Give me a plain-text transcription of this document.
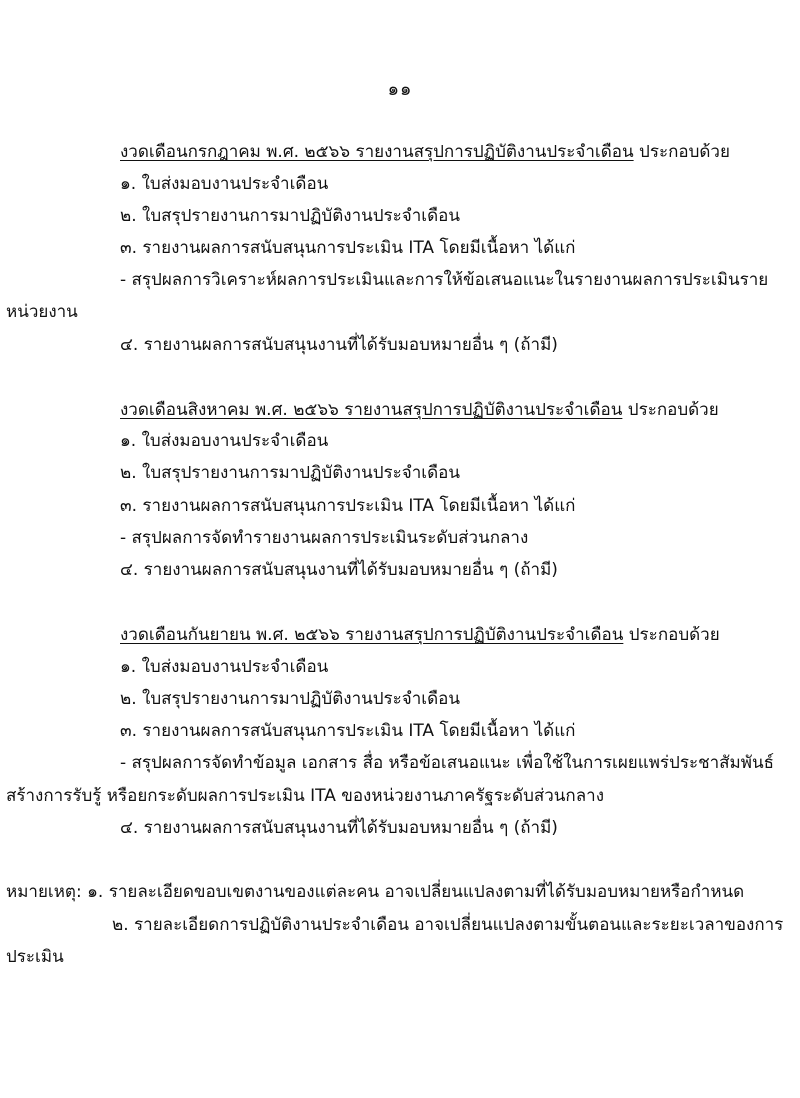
๑๑
งวดเดือนกรกฎาคม พ.ศ. ๒๕๖๖ รายงานสรุปการปฏิบัติงานประจำเดือน ประกอบด้วย
๑. ใบส่งมอบงานประจำเดือน
๒. ใบสรุปรายงานการมาปฏิบัติงานประจำเดือน
๓. รายงานผลการสนับสนุนการประเมิน ITA โดยมีเนื้อหา ได้แก่
- สรุปผลการวิเคราะห์ผลการประเมินและการให้ข้อเสนอแนะในรายงานผลการประเมินราย
หน่วยงาน
๔. รายงานผลการสนับสนุนงานที่ได้รับมอบหมายอื่น ๆ (ถ้ามี)
งวดเดือนสิงหาคม พ.ศ. ๒๕๖๖ รายงานสรุปการปฏิบัติงานประจำเดือน ประกอบด้วย
๑. ใบส่งมอบงานประจำเดือน
๒. ใบสรุปรายงานการมาปฏิบัติงานประจำเดือน
๓. รายงานผลการสนับสนุนการประเมิน ITA โดยมีเนื้อหา ได้แก่
- สรุปผลการจัดทำรายงานผลการประเมินระดับส่วนกลาง
๔. รายงานผลการสนับสนุนงานที่ได้รับมอบหมายอื่น ๆ (ถ้ามี)
งวดเดือนกันยายน พ.ศ. ๒๕๖๖ รายงานสรุปการปฏิบัติงานประจำเดือน ประกอบด้วย
๑. ใบส่งมอบงานประจำเดือน
๒. ใบสรุปรายงานการมาปฏิบัติงานประจำเดือน
๓. รายงานผลการสนับสนุนการประเมิน ITA โดยมีเนื้อหา ได้แก่
- สรุปผลการจัดทำข้อมูล เอกสาร สื่อ หรือข้อเสนอแนะ เพื่อใช้ในการเผยแพร่ประชาสัมพันธ์
สร้างการรับรู้ หรือยกระดับผลการประเมิน ITA ของหน่วยงานภาครัฐระดับส่วนกลาง
๔. รายงานผลการสนับสนุนงานที่ได้รับมอบหมายอื่น ๆ (ถ้ามี)
หมายเหตุ: ๑. รายละเอียดขอบเขตงานของแต่ละคน อาจเปลี่ยนแปลงตามที่ได้รับมอบหมายหรือกำหนด
๒. รายละเอียดการปฏิบัติงานประจำเดือน อาจเปลี่ยนแปลงตามขั้นตอนและระยะเวลาของการ
ประเมิน
